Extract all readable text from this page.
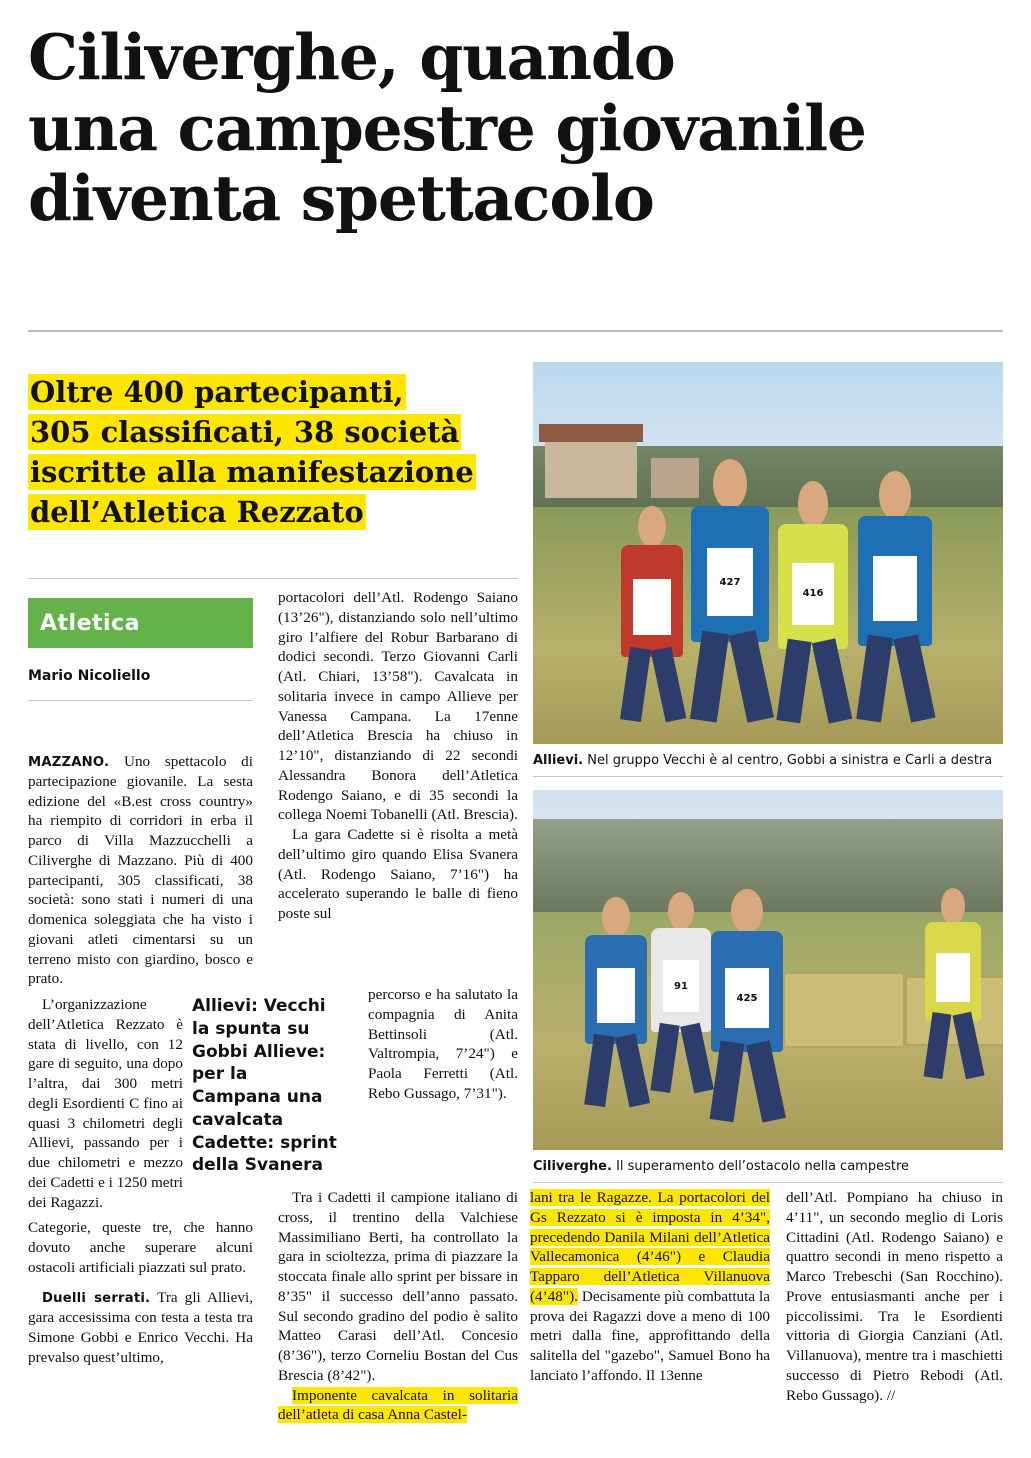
Ciliverghe, quando
una campestre giovanile
diventa spettacolo
Oltre 400 partecipanti,
305 classificati, 38 società
iscritte alla manifestazione
dell’Atletica Rezzato
Atletica
Mario Nicoliello

MAZZANO. Uno spettacolo di partecipazione giovanile. La sesta edizione del «B.est cross country» ha riempito di corridori in erba il parco di Villa Mazzucchelli a Ciliverghe di Mazzano. Più di 400 partecipanti, 305 classificati, 38 società: sono stati i numeri di una domenica soleggiata che ha visto i giovani atleti cimentarsi su un terreno misto con giardino, bosco e prato.

L’organizzazione dell’Atletica Rezzato è stata di livello, con 12 gare di seguito, una dopo l’altra, dai 300 metri degli Esordienti C fino ai quasi 3 chilometri degli Allievi, passando per i due chilometri e mezzo dei Cadetti e i 1250 metri dei Ragazzi.

Allievi: Vecchi la spunta su Gobbi Allieve: per la Campana una cavalcata Cadette: sprint della Svanera

Categorie, queste tre, che hanno dovuto anche superare alcuni ostacoli artificiali piazzati sul prato.

Duelli serrati. Tra gli Allievi, gara accesissima con testa a testa tra Simone Gobbi e Enrico Vecchi. Ha prevalso quest’ultimo,

portacolori dell’Atl. Rodengo Saiano (13’26"), distanziando solo nell’ultimo giro l’alfiere del Robur Barbarano di dodici secondi. Terzo Giovanni Carli (Atl. Chiari, 13’58"). Cavalcata in solitaria invece in campo Allieve per Vanessa Campana. La 17enne dell’Atletica Brescia ha chiuso in 12’10", distanziando di 22 secondi Alessandra Bonora dell’Atletica Rodengo Saiano, e di 35 secondi la collega Noemi Tobanelli (Atl. Brescia).

La gara Cadette si è risolta a metà dell’ultimo giro quando Elisa Svanera (Atl. Rodengo Saiano, 7’16") ha accelerato superando le balle di fieno poste sul

percorso e ha salutato la compagnia di Anita Bettinsoli (Atl. Valtrompia, 7’24") e Paola Ferretti (Atl. Rebo Gussago, 7’31").

Tra i Cadetti il campione italiano di cross, il trentino della Valchiese Massimiliano Berti, ha controllato la gara in scioltezza, prima di piazzare la stoccata finale allo sprint per bissare in 8’35" il successo dell’anno passato. Sul secondo gradino del podio è salito Matteo Carasi dell’Atl. Concesio (8’36"), terzo Corneliu Bostan del Cus Brescia (8’42").

Imponente cavalcata in solitaria dell’atleta di casa Anna Castel-

lani tra le Ragazze. La portacolori del Gs Rezzato si è imposta in 4’34", precedendo Danila Milani dell’Atletica Vallecamonica (4’46") e Claudia Tapparo dell’Atletica Villanuova (4’48"). Decisamente più combattuta la prova dei Ragazzi dove a meno di 100 metri dalla fine, approfittando della salitella del "gazebo", Samuel Bono ha lanciato l’affondo. Il 13enne

dell’Atl. Pompiano ha chiuso in 4’11", un secondo meglio di Loris Cittadini (Atl. Rodengo Saiano) e quattro secondi in meno rispetto a Marco Trebeschi (San Rocchino). Prove entusiasmanti anche per i piccolissimi. Tra le Esordienti vittoria di Giorgia Canziani (Atl. Villanuova), mentre tra i maschietti successo di Pietro Rebodi (Atl. Rebo Gussago). //

427
416

Allievi. Nel gruppo Vecchi è al centro, Gobbi a sinistra e Carli a destra

91
425

Ciliverghe. Il superamento dell’ostacolo nella campestre
